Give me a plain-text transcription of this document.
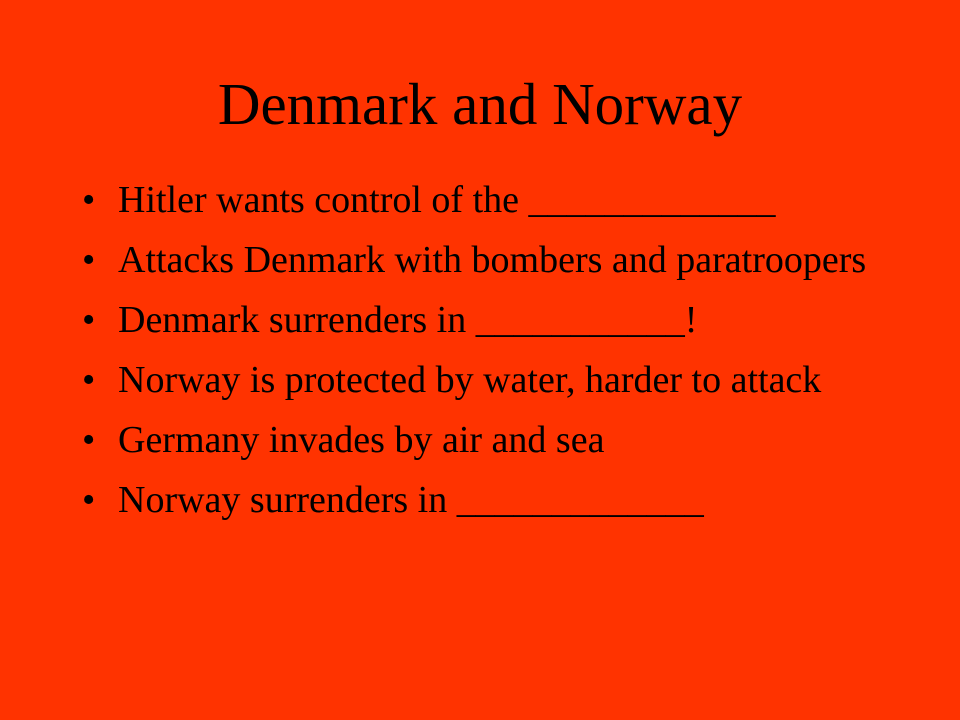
Denmark and Norway
• Hitler wants control of the _____________
• Attacks Denmark with bombers and paratroopers
• Denmark surrenders in ___________!
• Norway is protected by water, harder to attack
• Germany invades by air and sea
• Norway surrenders in _____________
